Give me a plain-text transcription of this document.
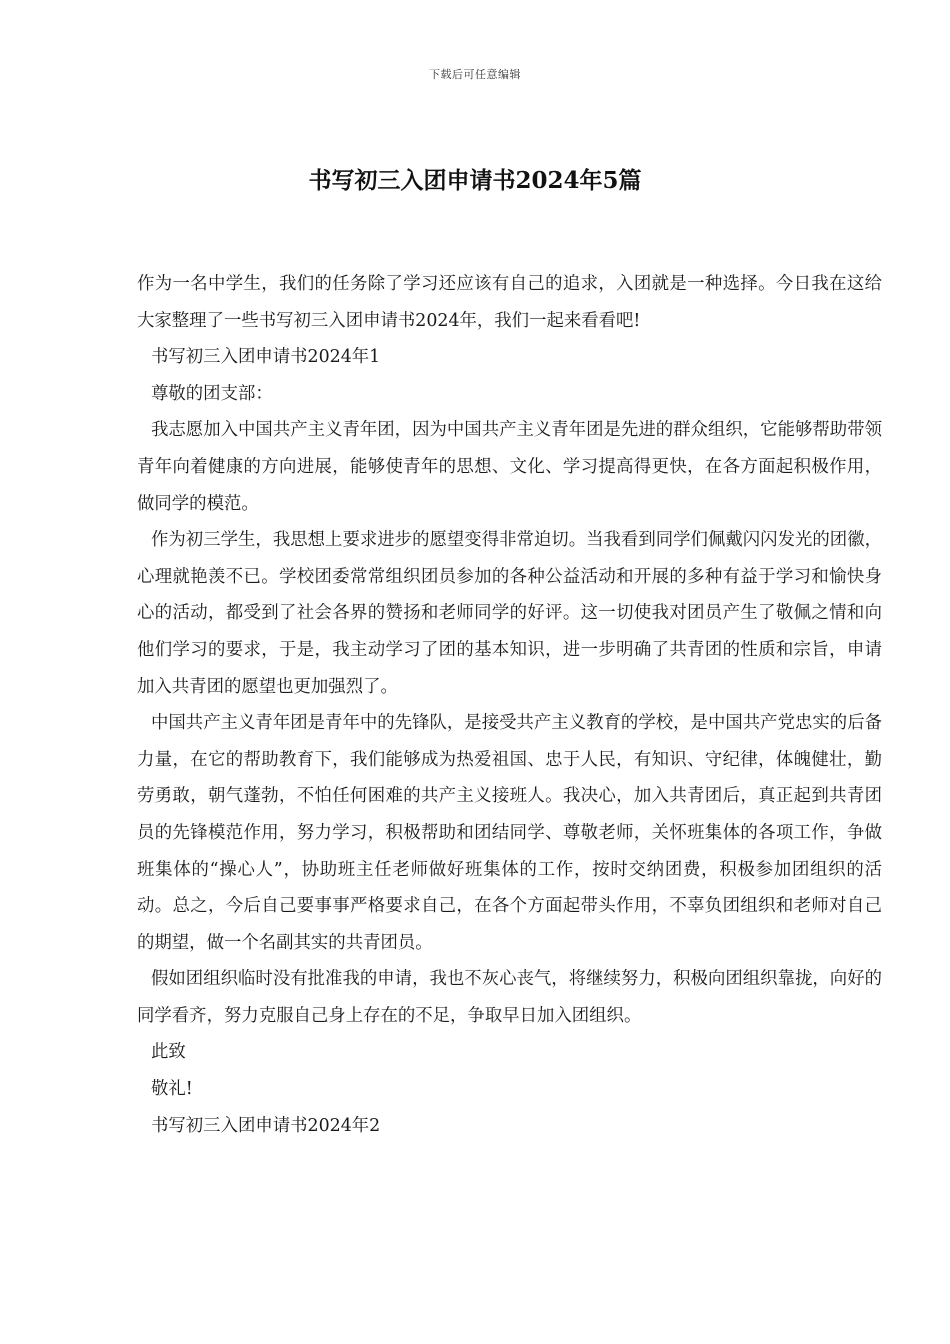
下载后可任意编辑
书写初三入团申请书2024年5篇

作为一名中学生，我们的任务除了学习还应该有自己的追求，入团就是一种选择。今日我在这给大家整理了一些书写初三入团申请书2024年，我们一起来看看吧!

书写初三入团申请书2024年1

尊敬的团支部：

我志愿加入中国共产主义青年团，因为中国共产主义青年团是先进的群众组织，它能够帮助带领青年向着健康的方向进展，能够使青年的思想、文化、学习提高得更快，在各方面起积极作用，做同学的模范。

作为初三学生，我思想上要求进步的愿望变得非常迫切。当我看到同学们佩戴闪闪发光的团徽，心理就艳羡不已。学校团委常常组织团员参加的各种公益活动和开展的多种有益于学习和愉快身心的活动，都受到了社会各界的赞扬和老师同学的好评。这一切使我对团员产生了敬佩之情和向他们学习的要求，于是，我主动学习了团的基本知识，进一步明确了共青团的性质和宗旨，申请加入共青团的愿望也更加强烈了。

中国共产主义青年团是青年中的先锋队，是接受共产主义教育的学校，是中国共产党忠实的后备力量，在它的帮助教育下，我们能够成为热爱祖国、忠于人民，有知识、守纪律，体魄健壮，勤劳勇敢，朝气蓬勃，不怕任何困难的共产主义接班人。我决心，加入共青团后，真正起到共青团员的先锋模范作用，努力学习，积极帮助和团结同学、尊敬老师，关怀班集体的各项工作，争做班集体的“操心人”，协助班主任老师做好班集体的工作，按时交纳团费，积极参加团组织的活动。总之，今后自己要事事严格要求自己，在各个方面起带头作用，不辜负团组织和老师对自己的期望，做一个名副其实的共青团员。

假如团组织临时没有批准我的申请，我也不灰心丧气，将继续努力，积极向团组织靠拢，向好的同学看齐，努力克服自己身上存在的不足，争取早日加入团组织。

此致

敬礼!

书写初三入团申请书2024年2
